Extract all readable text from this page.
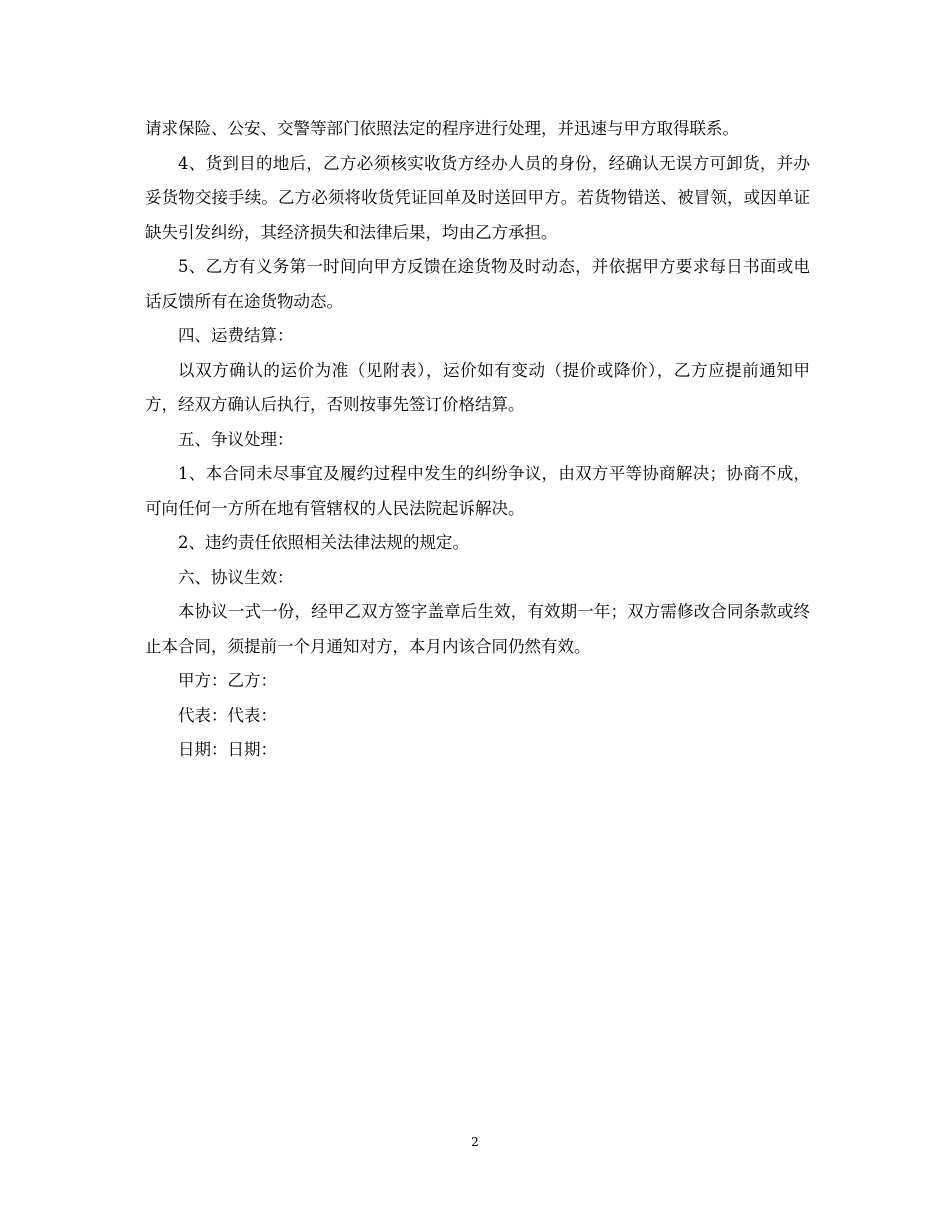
请求保险、公安、交警等部门依照法定的程序进行处理，并迅速与甲方取得联系。

4、货到目的地后，乙方必须核实收货方经办人员的身份，经确认无误方可卸货，并办妥货物交接手续。乙方必须将收货凭证回单及时送回甲方。若货物错送、被冒领，或因单证缺失引发纠纷，其经济损失和法律后果，均由乙方承担。

5、乙方有义务第一时间向甲方反馈在途货物及时动态，并依据甲方要求每日书面或电话反馈所有在途货物动态。

四、运费结算：

以双方确认的运价为准（见附表），运价如有变动（提价或降价），乙方应提前通知甲方，经双方确认后执行，否则按事先签订价格结算。

五、争议处理：

1、本合同未尽事宜及履约过程中发生的纠纷争议，由双方平等协商解决；协商不成，可向任何一方所在地有管辖权的人民法院起诉解决。

2、违约责任依照相关法律法规的规定。

六、协议生效：

本协议一式一份，经甲乙双方签字盖章后生效，有效期一年；双方需修改合同条款或终止本合同，须提前一个月通知对方，本月内该合同仍然有效。

甲方：乙方：

代表：代表：

日期：日期：

2
